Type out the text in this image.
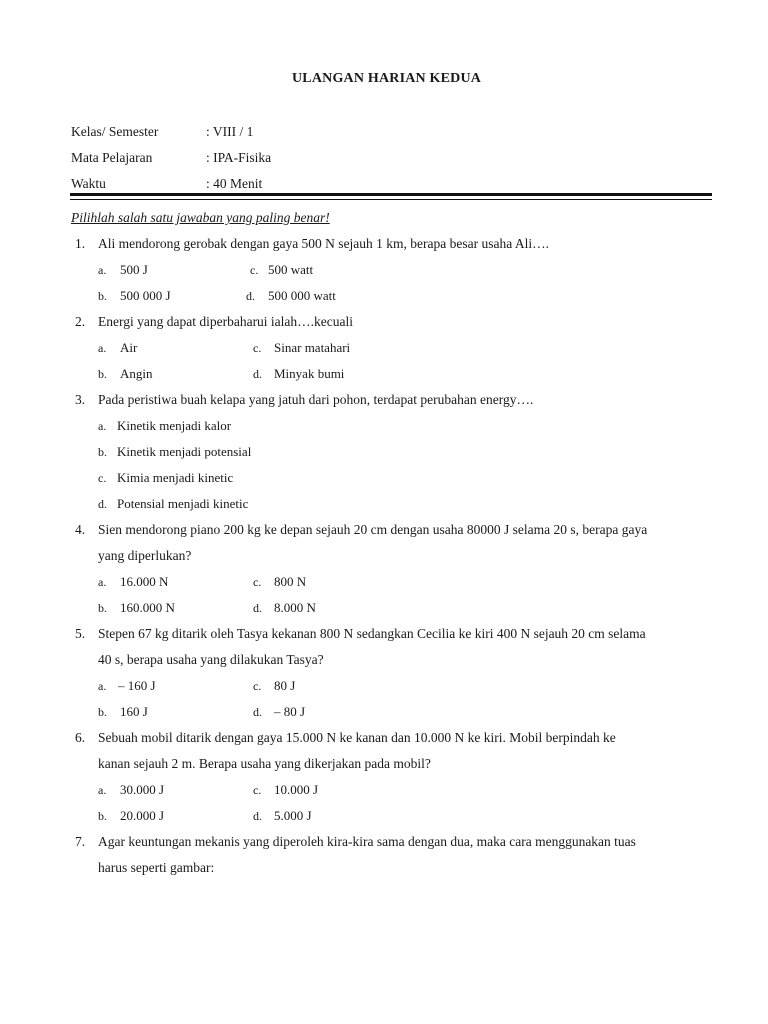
ULANGAN HARIAN KEDUA
Kelas/ Semester	: VIII / 1
Mata Pelajaran	: IPA-Fisika
Waktu	: 40 Menit
Pilihlah salah satu jawaban yang paling benar!
1. Ali mendorong gerobak dengan gaya 500 N sejauh 1 km, berapa besar usaha Ali….
a. 500 J	c. 500 watt
b. 500 000 J	d. 500 000 watt
2. Energi yang dapat diperbaharui ialah….kecuali
a. Air	c. Sinar matahari
b. Angin	d. Minyak bumi
3. Pada peristiwa buah kelapa yang jatuh dari pohon, terdapat perubahan energy….
a. Kinetik menjadi kalor
b. Kinetik menjadi potensial
c. Kimia menjadi kinetic
d. Potensial menjadi kinetic
4. Sien mendorong piano 200 kg ke depan sejauh 20 cm dengan usaha 80000 J selama 20 s, berapa gaya
yang diperlukan?
a. 16.000 N	c. 800 N
b. 160.000 N	d. 8.000 N
5. Stepen 67 kg ditarik oleh Tasya kekanan 800 N sedangkan Cecilia ke kiri 400 N sejauh 20 cm selama
40 s, berapa usaha yang dilakukan Tasya?
a. – 160 J	c. 80 J
b. 160 J	d. – 80 J
6. Sebuah mobil ditarik dengan gaya 15.000 N ke kanan dan 10.000 N ke kiri. Mobil berpindah ke
kanan sejauh 2 m. Berapa usaha yang dikerjakan pada mobil?
a. 30.000 J	c. 10.000 J
b. 20.000 J	d. 5.000 J
7. Agar keuntungan mekanis yang diperoleh kira-kira sama dengan dua, maka cara menggunakan tuas
harus seperti gambar:
